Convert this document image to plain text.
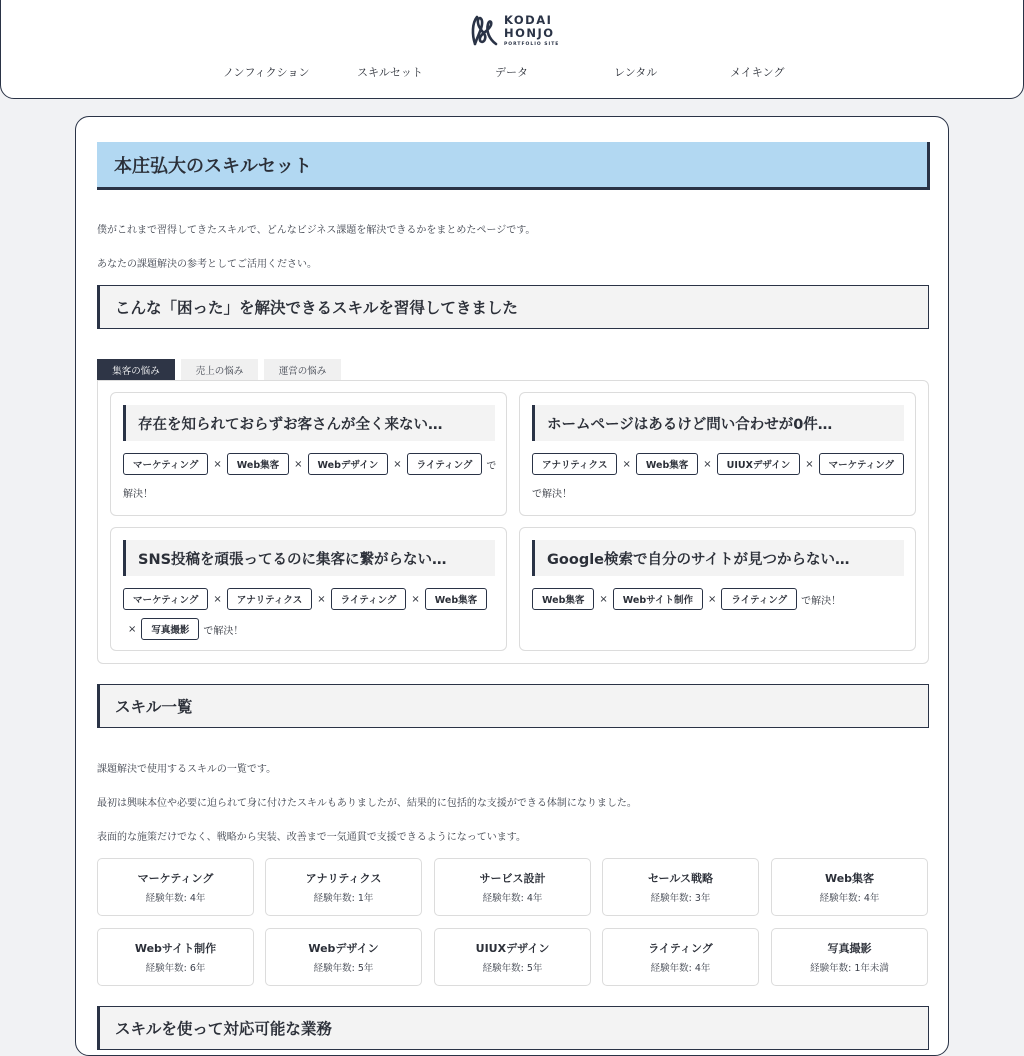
KODAI
HONJO
PORTFOLIO SITE
ノンフィクション	スキルセット	データ	レンタル	メイキング
本庄弘大のスキルセット

僕がこれまで習得してきたスキルで、どんなビジネス課題を解決できるかをまとめたページです。

あなたの課題解決の参考としてご活用ください。

こんな「困った」を解決できるスキルを習得してきました
集客の悩み	売上の悩み	運営の悩み
存在を知られておらずお客さんが全く来ない…
マーケティング	×	Web集客	×	Webデザイン	×	ライティング	で
解決！
ホームページはあるけど問い合わせが0件…
アナリティクス	×	Web集客	×	UIUXデザイン	×	マーケティング
で解決！
SNS投稿を頑張ってるのに集客に繋がらない…
マーケティング	×	アナリティクス	×	ライティング	×	Web集客
×	写真撮影	で解決！
Google検索で自分のサイトが見つからない…
Web集客	×	Webサイト制作	×	ライティング	で解決！
スキル一覧

課題解決で使用するスキルの一覧です。

最初は興味本位や必要に迫られて身に付けたスキルもありましたが、結果的に包括的な支援ができる体制になりました。

表面的な施策だけでなく、戦略から実装、改善まで一気通貫で支援できるようになっています。

マーケティング
経験年数: 4年
アナリティクス
経験年数: 1年
サービス設計
経験年数: 4年
セールス戦略
経験年数: 3年
Web集客
経験年数: 4年
Webサイト制作
経験年数: 6年
Webデザイン
経験年数: 5年
UIUXデザイン
経験年数: 5年
ライティング
経験年数: 4年
写真撮影
経験年数: 1年未満
スキルを使って対応可能な業務
